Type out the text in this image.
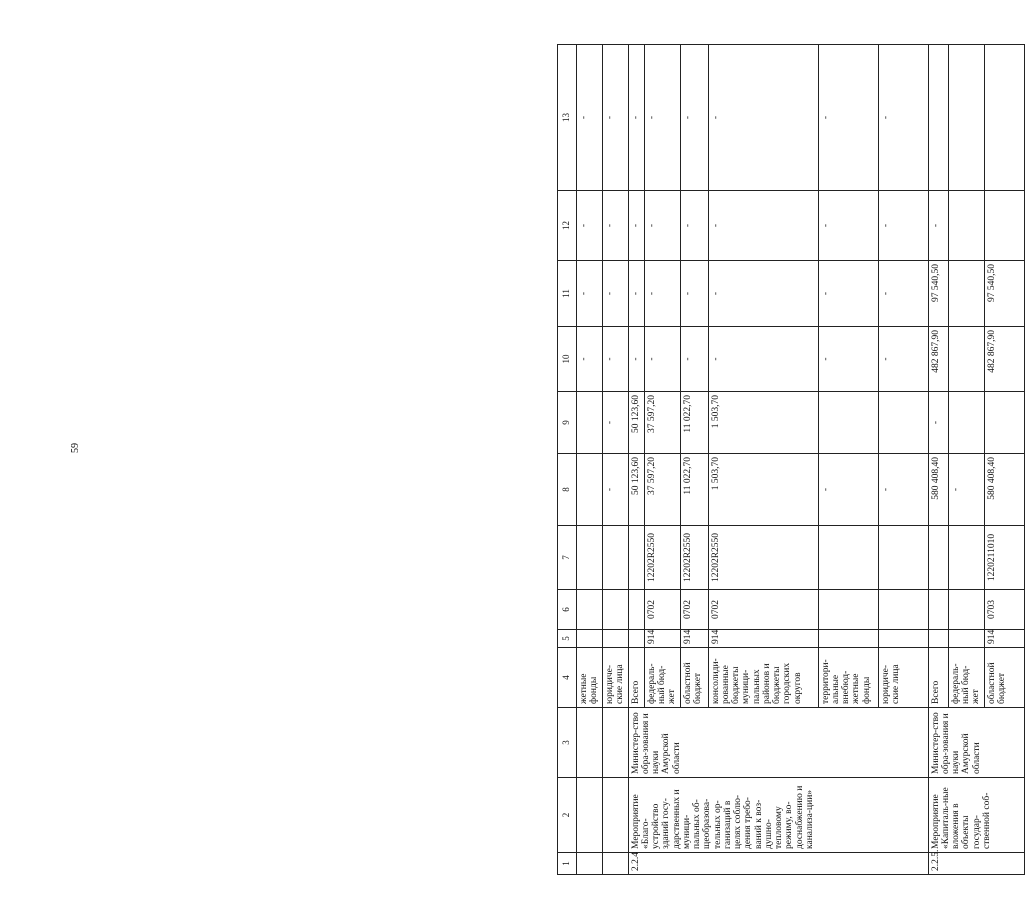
59
1	2	3	4	5	6	7	8	9	10	11	12	13
			жетные фонды						-	-	-	-
			юридиче-ские лица				-	-	-	-	-	-
2.2.4	Мероприятие «Благо-устройство зданий госу-дарственных и муници-пальных об-щеобразова-тельных ор-ганизаций в целях соблю-дения требо-ваний к воз-душно-тепловому режиму, во-доснабжению и канализа-ции»	Министер-ство обра-зования и науки Амурской области	Всего				50 123,60	50 123,60	-	-	-	-
			федераль-ный бюд-жет	914	0702	12202R2550	37 597,20	37 597,20	-	-	-	-
			областной бюджет	914	0702	12202R2550	11 022,70	11 022,70	-	-	-	-
			консолиди-рованные бюджеты муници-пальных районов и бюджеты городских округов	914	0702	12202R2550	1 503,70	1 503,70	-	-	-	-
			территори-альные внебюд-жетные фонды				-		-	-	-	-
			юридиче-ские лица				-		-	-	-	-
2.2.5.	Мероприятие «Капиталь-ные вложения в объекты государ-ственной соб-	Министер-ство обра-зования и науки Амурской области	Всего				580 408,40	-	482 867,90	97 540,50	-	
			федераль-ный бюд-жет				-					
			областной бюджет	914	0703	1220211010	580 408,40		482 867,90	97 540,50		
